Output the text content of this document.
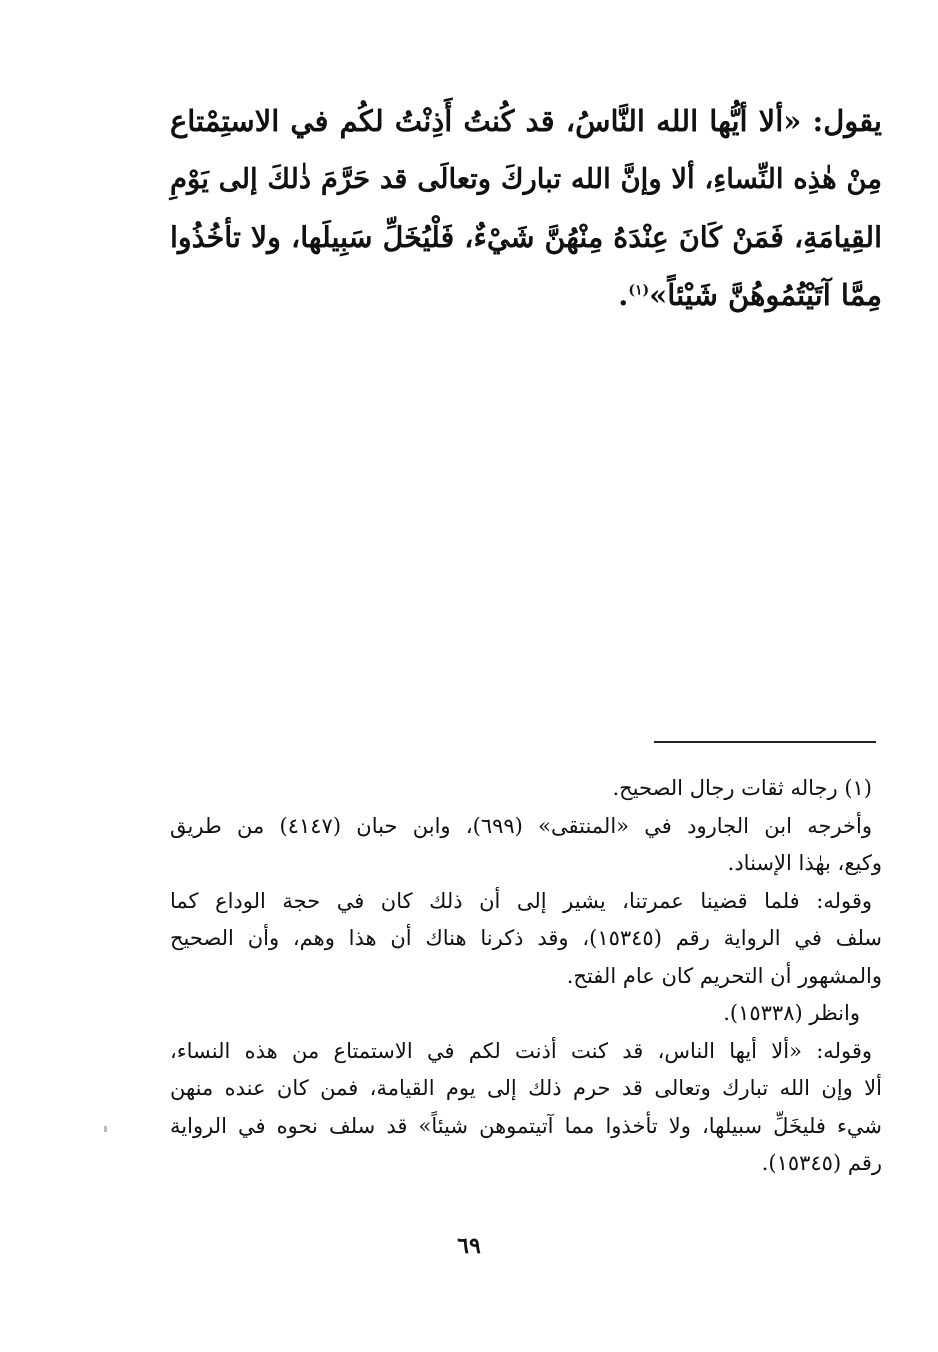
يقول: «ألا أيُّها الله النَّاسُ، قد كُنتُ أَذِنْتُ لكُم في الاستِمْتاع
مِنْ هٰذِه النِّساءِ، ألا وإنَّ الله تباركَ وتعالَى قد حَرَّمَ ذٰلكَ إلى يَوْمِ
القِيامَةِ، فَمَنْ كَانَ عِنْدَهُ مِنْهُنَّ شَيْءٌ، فَلْيُخَلِّ سَبِيلَها، ولا تأخُذُوا
مِمَّا آتَيْتُمُوهُنَّ شَيْئاً»$^{(١)}$.
(١) رجاله ثقات رجال الصحيح.
وأخرجه ابن الجارود في «المنتقى» (٦٩٩)، وابن حبان (٤١٤٧) من طريق
وكيع، بهٰذا الإسناد.
وقوله: فلما قضينا عمرتنا، يشير إلى أن ذلك كان في حجة الوداع كما
سلف في الرواية رقم (١٥٣٤٥)، وقد ذكرنا هناك أن هذا وهم، وأن الصحيح
والمشهور أن التحريم كان عام الفتح.
وانظر (١٥٣٣٨).
وقوله: «ألا أيها الناس، قد كنت أذنت لكم في الاستمتاع من هذه النساء،
ألا وإن الله تبارك وتعالى قد حرم ذلك إلى يوم القيامة، فمن كان عنده منهن
شيء فليخَلِّ سبيلها، ولا تأخذوا مما آتيتموهن شيئاً» قد سلف نحوه في الرواية
رقم (١٥٣٤٥).
٦٩
